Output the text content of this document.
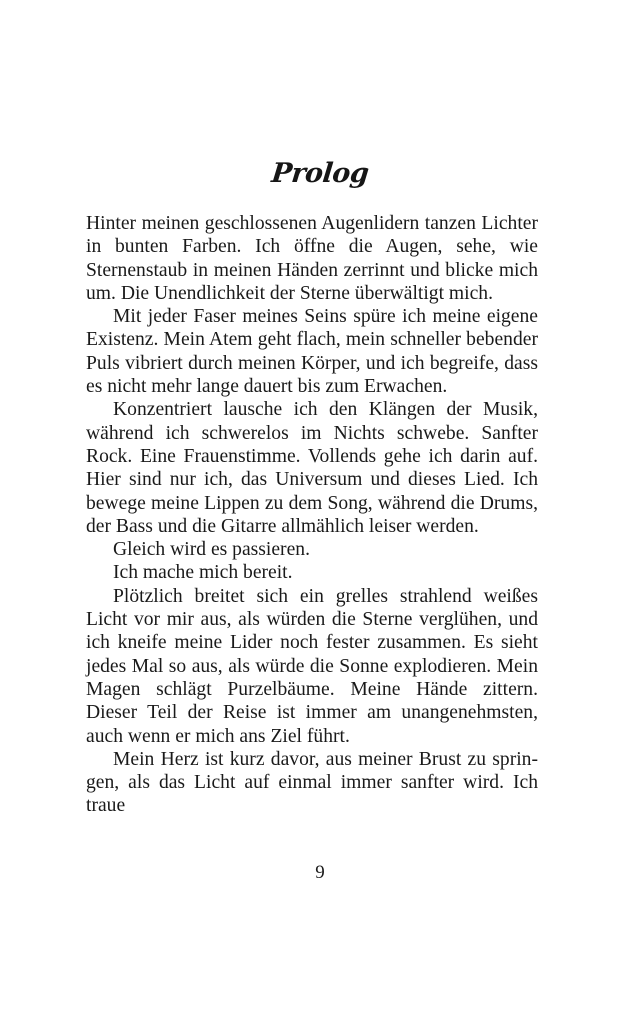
Prolog

Hinter meinen geschlossenen Augenlidern tanzen Lichter in bunten Farben. Ich öffne die Augen, sehe, wie Sternenstaub in meinen Händen zerrinnt und blicke mich um. Die Unendlichkeit der Sterne überwältigt mich.

Mit jeder Faser meines Seins spüre ich meine eigene Existenz. Mein Atem geht flach, mein schneller bebender Puls vibriert durch meinen Körper, und ich begreife, dass es nicht mehr lange dauert bis zum Erwachen.

Konzentriert lausche ich den Klängen der Musik, während ich schwerelos im Nichts schwebe. Sanfter Rock. Eine Frauenstimme. Vollends gehe ich darin auf. Hier sind nur ich, das Universum und dieses Lied. Ich bewege meine Lippen zu dem Song, während die Drums, der Bass und die Gitarre allmählich leiser werden.

Gleich wird es passieren.

Ich mache mich bereit.

Plötzlich breitet sich ein grelles strahlend weißes Licht vor mir aus, als würden die Sterne verglühen, und ich kneife meine Lider noch fester zusammen. Es sieht jedes Mal so aus, als würde die Sonne explodieren. Mein Magen schlägt Purzelbäume. Meine Hände zittern. Dieser Teil der Reise ist immer am unangenehmsten, auch wenn er mich ans Ziel führt.

Mein Herz ist kurz davor, aus meiner Brust zu springen, als das Licht auf einmal immer sanfter wird. Ich traue

9
